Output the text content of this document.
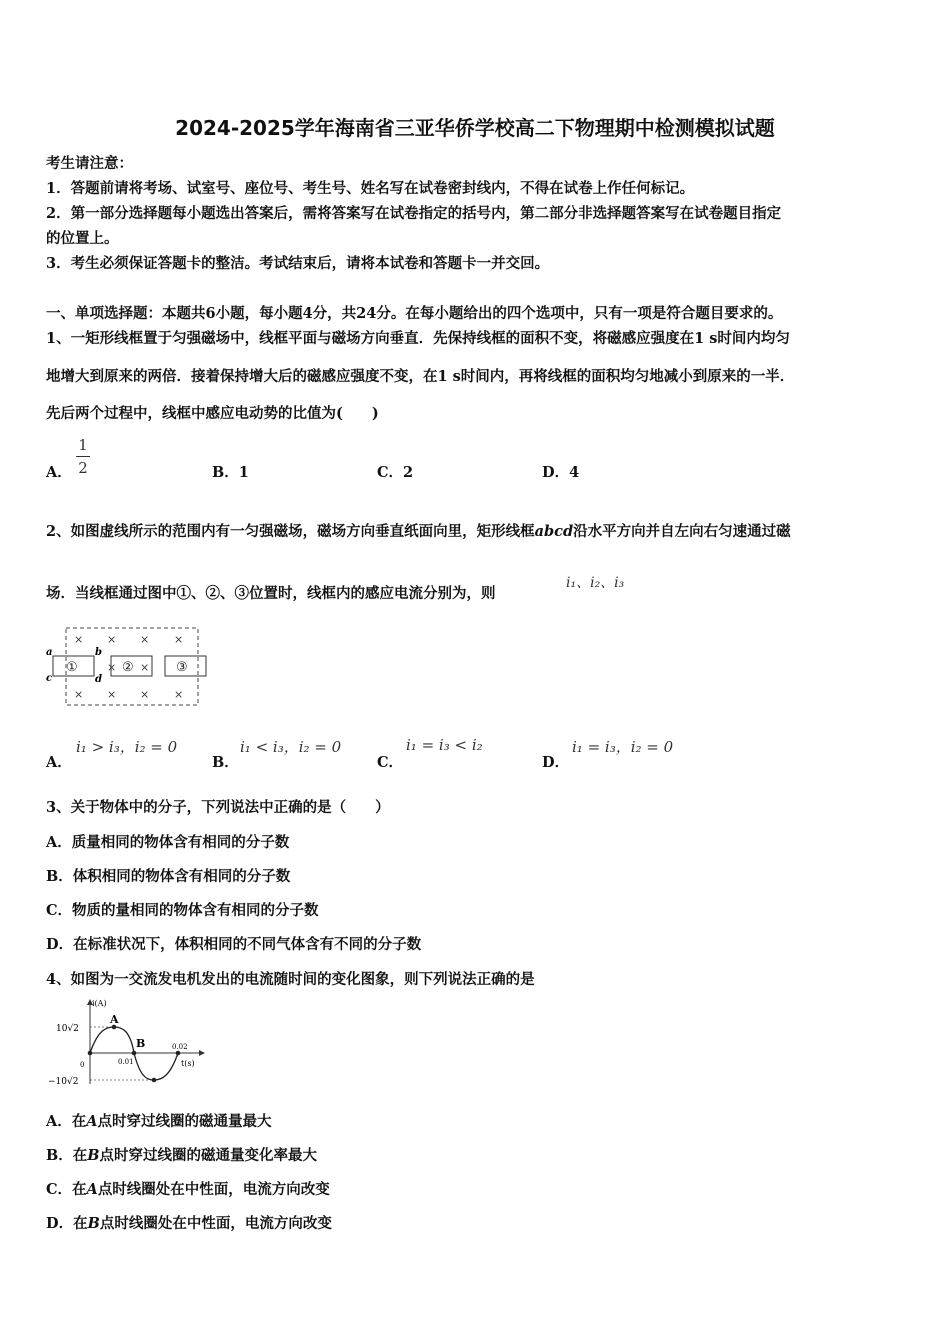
2024-2025学年海南省三亚华侨学校高二下物理期中检测模拟试题
考生请注意：
1．答题前请将考场、试室号、座位号、考生号、姓名写在试卷密封线内，不得在试卷上作任何标记。
2．第一部分选择题每小题选出答案后，需将答案写在试卷指定的括号内，第二部分非选择题答案写在试卷题目指定
的位置上。
3．考生必须保证答题卡的整洁。考试结束后，请将本试卷和答题卡一并交回。
一、单项选择题：本题共6小题，每小题4分，共24分。在每小题给出的四个选项中，只有一项是符合题目要求的。
1、一矩形线框置于匀强磁场中，线框平面与磁场方向垂直．先保持线框的面积不变，将磁感应强度在1 s时间内均匀
地增大到原来的两倍．接着保持增大后的磁感应强度不变，在1 s时间内，再将线框的面积均匀地减小到原来的一半．
先后两个过程中，线框中感应电动势的比值为(　　)
A．
1
2	B．1	C．2	D．4
2、如图虚线所示的范围内有一匀强磁场，磁场方向垂直纸面向里，矩形线框abcd沿水平方向并自左向右匀速通过磁
场．当线框通过图中①、②、③位置时，线框内的感应电流分别为，则
i₁、i₂、i₃
× × × ×
× ×
× × × ×
①	②	③
a	b
c	d
A．
i₁ > i₃，i₂ = 0
B．
i₁ < i₃，i₂ = 0
C．
i₁ = i₃ < i₂
D．
i₁ = i₃，i₂ = 0
3、关于物体中的分子，下列说法中正确的是（　　）
A．质量相同的物体含有相同的分子数
B．体积相同的物体含有相同的分子数
C．物质的量相同的物体含有相同的分子数
D．在标准状况下，体积相同的不同气体含有不同的分子数
4、如图为一交流发电机发出的电流随时间的变化图象，则下列说法正确的是
i(A)
t(s)
10√2
−10√2
0	0.01
0.02
A
B
A．在A点时穿过线圈的磁通量最大
B．在B点时穿过线圈的磁通量变化率最大
C．在A点时线圈处在中性面，电流方向改变
D．在B点时线圈处在中性面，电流方向改变
